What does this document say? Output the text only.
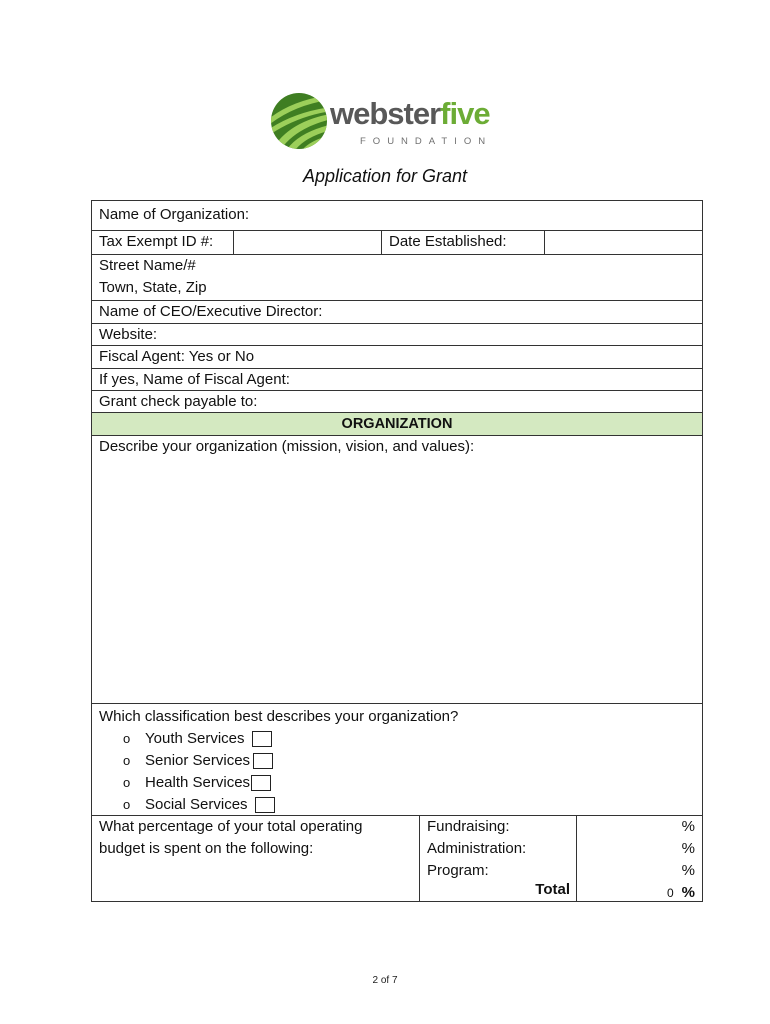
websterfive
FOUNDATION
Application for Grant
Name of Organization:
Tax Exempt ID #:	Date Established:
Street Name/#
Town, State, Zip
Name of CEO/Executive Director:
Website:
Fiscal Agent: Yes or No
If yes, Name of Fiscal Agent:
Grant check payable to:
ORGANIZATION
Describe your organization (mission, vision, and values):
Which classification best describes your organization?
o Youth Services
o Senior Services
o Health Services
o Social Services
What percentage of your total operating
budget is spent on the following:
Fundraising:
Administration:
Program:
Total
%
%
%
0 %
2 of 7
